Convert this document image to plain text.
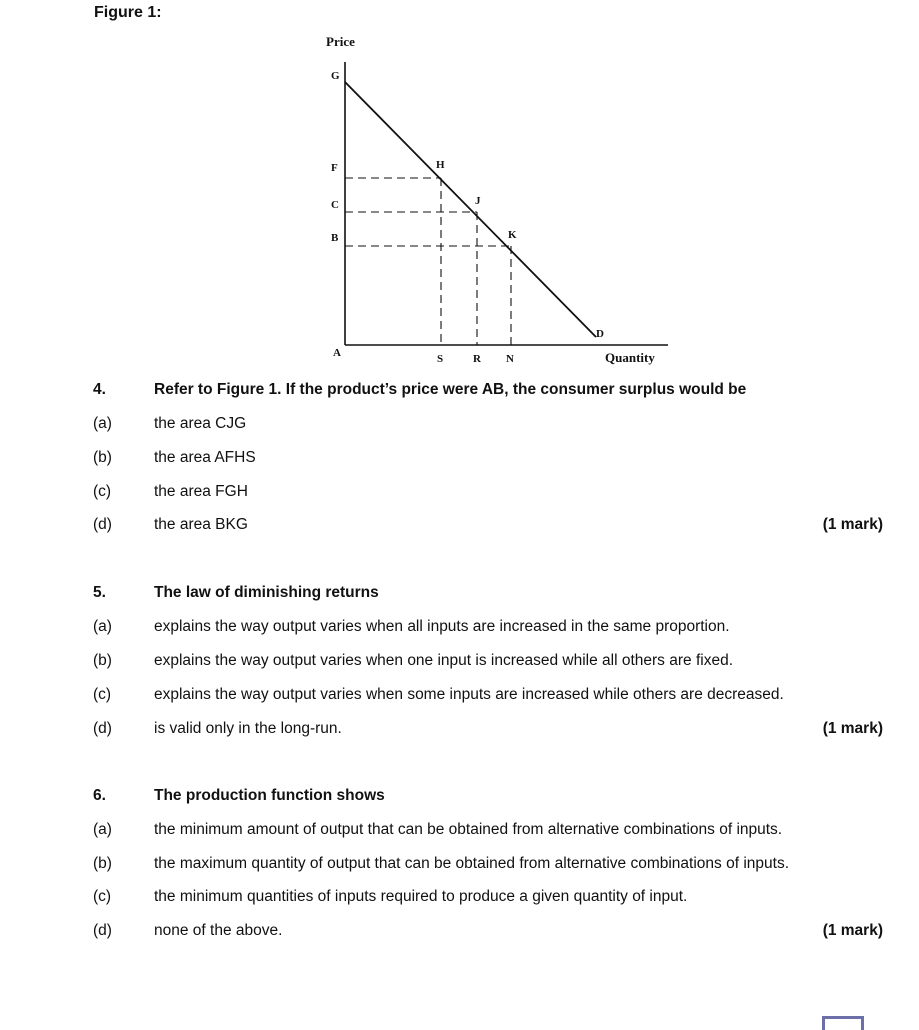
Figure 1:
Price
Quantity
G
F
C
B
A
H
J
K
D
S	R N
4.	Refer to Figure 1. If the product’s price were AB, the consumer surplus would be
(a)	the area CJG
(b)	the area AFHS
(c)	the area FGH
(d)	the area BKG	(1 mark)
5.	The law of diminishing returns
(a)	explains the way output varies when all inputs are increased in the same proportion.
(b)	explains the way output varies when one input is increased while all others are fixed.
(c)	explains the way output varies when some inputs are increased while others are decreased.
(d)	is valid only in the long-run.	(1 mark)
6.	The production function shows
(a)	the minimum amount of output that can be obtained from alternative combinations of inputs.
(b)	the maximum quantity of output that can be obtained from alternative combinations of inputs.
(c)	the minimum quantities of inputs required to produce a given quantity of input.
(d)	none of the above.	(1 mark)
